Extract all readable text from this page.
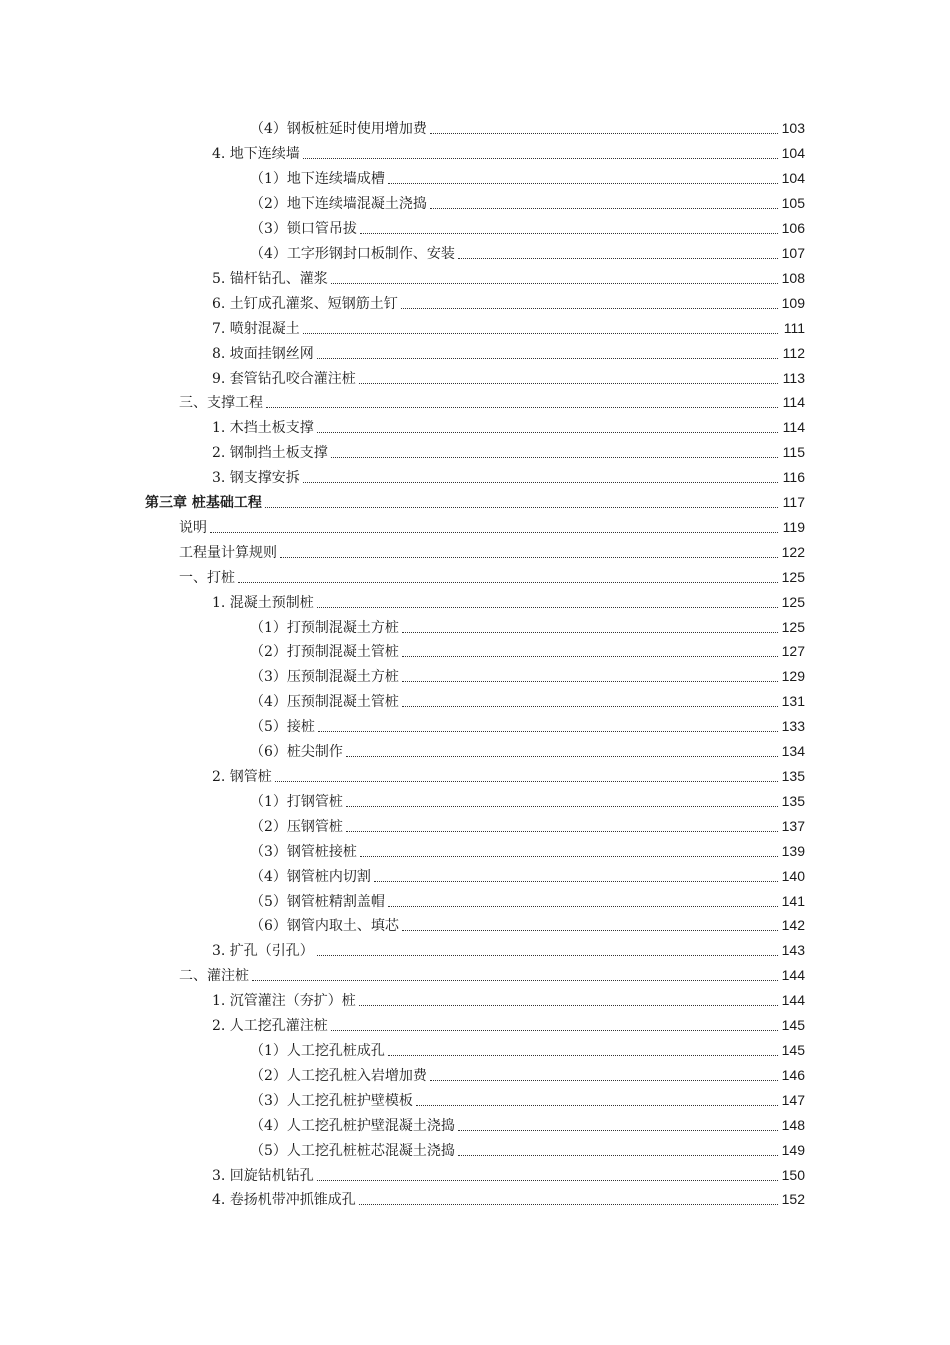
（4）钢板桩延时使用增加费	103
4. 地下连续墙	104
（1）地下连续墙成槽	104
（2）地下连续墙混凝土浇捣	105
（3）锁口管吊拔	106
（4）工字形钢封口板制作、安装	107
5. 锚杆钻孔、灌浆	108
6. 土钉成孔灌浆、短钢筋土钉	109
7. 喷射混凝土	111
8. 坡面挂钢丝网	112
9. 套管钻孔咬合灌注桩	113
三、支撑工程	114
1. 木挡土板支撑	114
2. 钢制挡土板支撑	115
3. 钢支撑安拆	116
第三章 桩基础工程	117
说明	119
工程量计算规则	122
一、打桩	125
1. 混凝土预制桩	125
（1）打预制混凝土方桩	125
（2）打预制混凝土管桩	127
（3）压预制混凝土方桩	129
（4）压预制混凝土管桩	131
（5）接桩	133
（6）桩尖制作	134
2. 钢管桩	135
（1）打钢管桩	135
（2）压钢管桩	137
（3）钢管桩接桩	139
（4）钢管桩内切割	140
（5）钢管桩精割盖帽	141
（6）钢管内取土、填芯	142
3. 扩孔（引孔）	143
二、灌注桩	144
1. 沉管灌注（夯扩）桩	144
2. 人工挖孔灌注桩	145
（1）人工挖孔桩成孔	145
（2）人工挖孔桩入岩增加费	146
（3）人工挖孔桩护壁模板	147
（4）人工挖孔桩护壁混凝土浇捣	148
（5）人工挖孔桩桩芯混凝土浇捣	149
3. 回旋钻机钻孔	150
4. 卷扬机带冲抓锥成孔	152
